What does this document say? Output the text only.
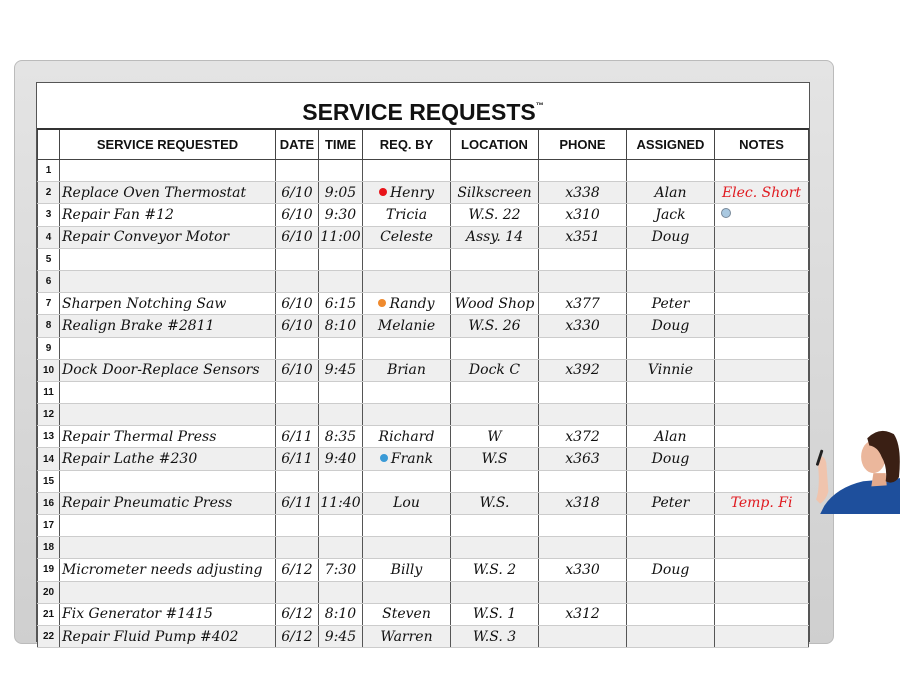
SERVICE REQUESTS™
	SERVICE REQUESTED	DATE	TIME	REQ. BY	LOCATION	PHONE	ASSIGNED	NOTES
1								
2	Replace Oven Thermostat	6/10	9:05	Henry	Silkscreen	x338	Alan	Elec. Short
3	Repair Fan #12	6/10	9:30	Tricia	W.S. 22	x310	Jack	
4	Repair Conveyor Motor	6/10	11:00	Celeste	Assy. 14	x351	Doug	
5								
6								
7	Sharpen Notching Saw	6/10	6:15	Randy	Wood Shop	x377	Peter	
8	Realign Brake #2811	6/10	8:10	Melanie	W.S. 26	x330	Doug	
9								
10	Dock Door-Replace Sensors	6/10	9:45	Brian	Dock C	x392	Vinnie	
11								
12								
13	Repair Thermal Press	6/11	8:35	Richard	W	x372	Alan	
14	Repair Lathe #230	6/11	9:40	Frank	W.S	x363	Doug	
15								
16	Repair Pneumatic Press	6/11	11:40	Lou	W.S.	x318	Peter	Temp. Fi
17								
18								
19	Micrometer needs adjusting	6/12	7:30	Billy	W.S. 2	x330	Doug	
20								
21	Fix Generator #1415	6/12	8:10	Steven	W.S. 1	x312		
22	Repair Fluid Pump #402	6/12	9:45	Warren	W.S. 3			
